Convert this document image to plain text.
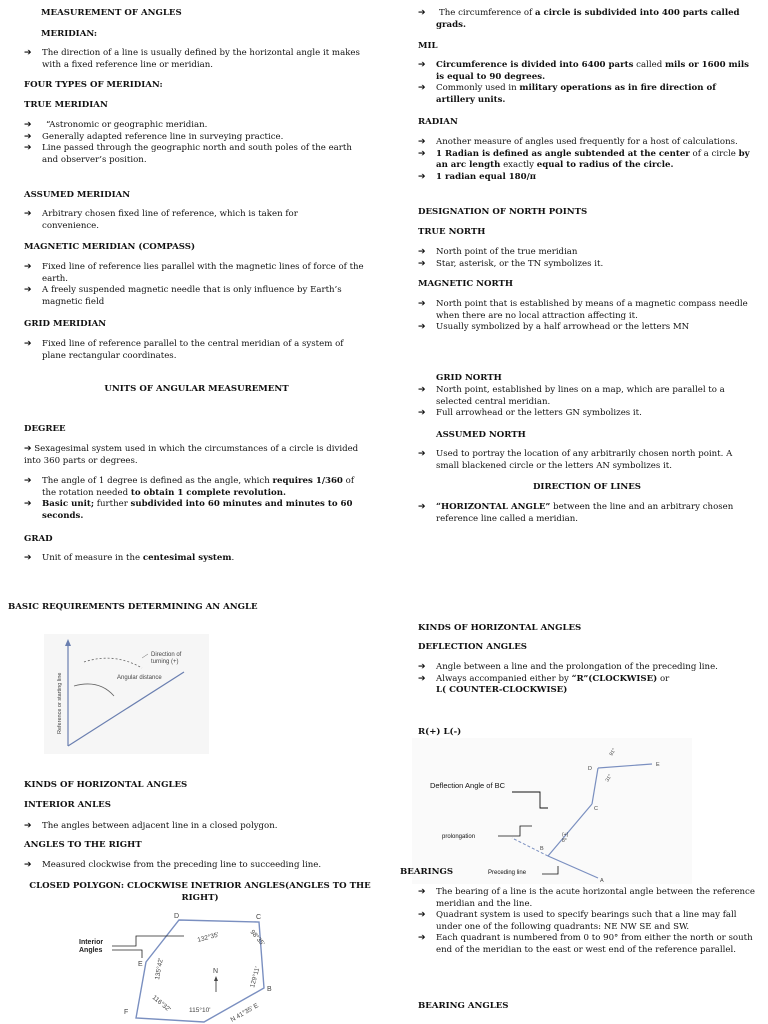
MEASUREMENT OF ANGLES
MERIDIAN:
➔ The direction of a line is usually defined by the horizontal angle it makes with a fixed reference line or meridian.
FOUR TYPES OF MERIDIAN:
TRUE MERIDIAN
➔ “Astronomic or geographic meridian.
➔ Generally adapted reference line in surveying practice.
➔ Line passed through the geographic north and south poles of the earth and observer’s position.
ASSUMED MERIDIAN
➔ Arbitrary chosen fixed line of reference, which is taken for convenience.
MAGNETIC MERIDIAN (COMPASS)
➔ Fixed line of reference lies parallel with the magnetic lines of force of the earth.
➔ A freely suspended magnetic needle that is only influence by Earth’s magnetic field
GRID MERIDIAN
➔ Fixed line of reference parallel to the central meridian of a system of plane rectangular coordinates.
UNITS OF ANGULAR MEASUREMENT
DEGREE

➔ Sexagesimal system used in which the circumstances of a circle is divided into 360 parts or degrees.

➔ The angle of 1 degree is defined as the angle, which requires 1/360 of the rotation needed to obtain 1 complete revolution.
➔ Basic unit; further subdivided into 60 minutes and minutes to 60 seconds.
GRAD
➔ Unit of measure in the centesimal system.
BASIC REQUIREMENTS DETERMINING AN ANGLE
Direction of turning (+)
Angular distance
Reference or starting line
KINDS OF HORIZONTAL ANGLES
INTERIOR ANLES
➔ The angles between adjacent line in a closed polygon.
ANGLES TO THE RIGHT
➔ Measured clockwise from the preceding line to succeeding line.
CLOSED POLYGON: CLOCKWISE INETRIOR ANGLES(ANGLES TO THE RIGHT)
D	C
B
F
E
Interior Angles
132°35'	98°35'
135°42'	129°11'
116°32'	115°10'
N
N 41°35' E
➔ The circumference of a circle is subdivided into 400 parts called grads.
MIL
➔ Circumference is divided into 6400 parts called mils or 1600 mils is equal to 90 degrees.
➔ Commonly used in military operations as in fire direction of artillery units.
RADIAN
➔ Another measure of angles used frequently for a host of calculations.
➔ 1 Radian is defined as angle subtended at the center of a circle by an arc length exactly equal to radius of the circle.
➔ 1 radian equal 180/π
DESIGNATION OF NORTH POINTS
TRUE NORTH
➔ North point of the true meridian
➔ Star, asterisk, or the TN symbolizes it.
MAGNETIC NORTH
➔ North point that is established by means of a magnetic compass needle when there are no local attraction affecting it.
➔ Usually symbolized by a half arrowhead or the letters MN
GRID NORTH
➔ North point, established by lines on a map, which are parallel to a selected central meridian.
➔ Full arrowhead or the letters GN symbolizes it.
ASSUMED NORTH
➔ Used to portray the location of any arbitrarily chosen north point. A small blackened circle or the letters AN symbolizes it.
DIRECTION OF LINES
➔ “HORIZONTAL ANGLE” between the line and an arbitrary chosen reference line called a meridian.
KINDS OF HORIZONTAL ANGLES
DEFLECTION ANGLES
➔ Angle between a line and the prolongation of the preceding line.
➔ Always accompanied either by “R”(CLOCKWISE) or
L( COUNTER-CLOCKWISE)
R(+) L(-)
A
B
C
D
E
Deflection Angle of BC
prolongation
Preceding line
(+)
8°
31°
91°
BEARINGS
➔ The bearing of a line is the acute horizontal angle between the reference meridian and the line.
➔ Quadrant system is used to specify bearings such that a line may fall under one of the following quadrants: NE NW SE and SW.
➔ Each quadrant is numbered from 0 to 90° from either the north or south end of the meridian to the east or west end of the reference parallel.
BEARING ANGLES
